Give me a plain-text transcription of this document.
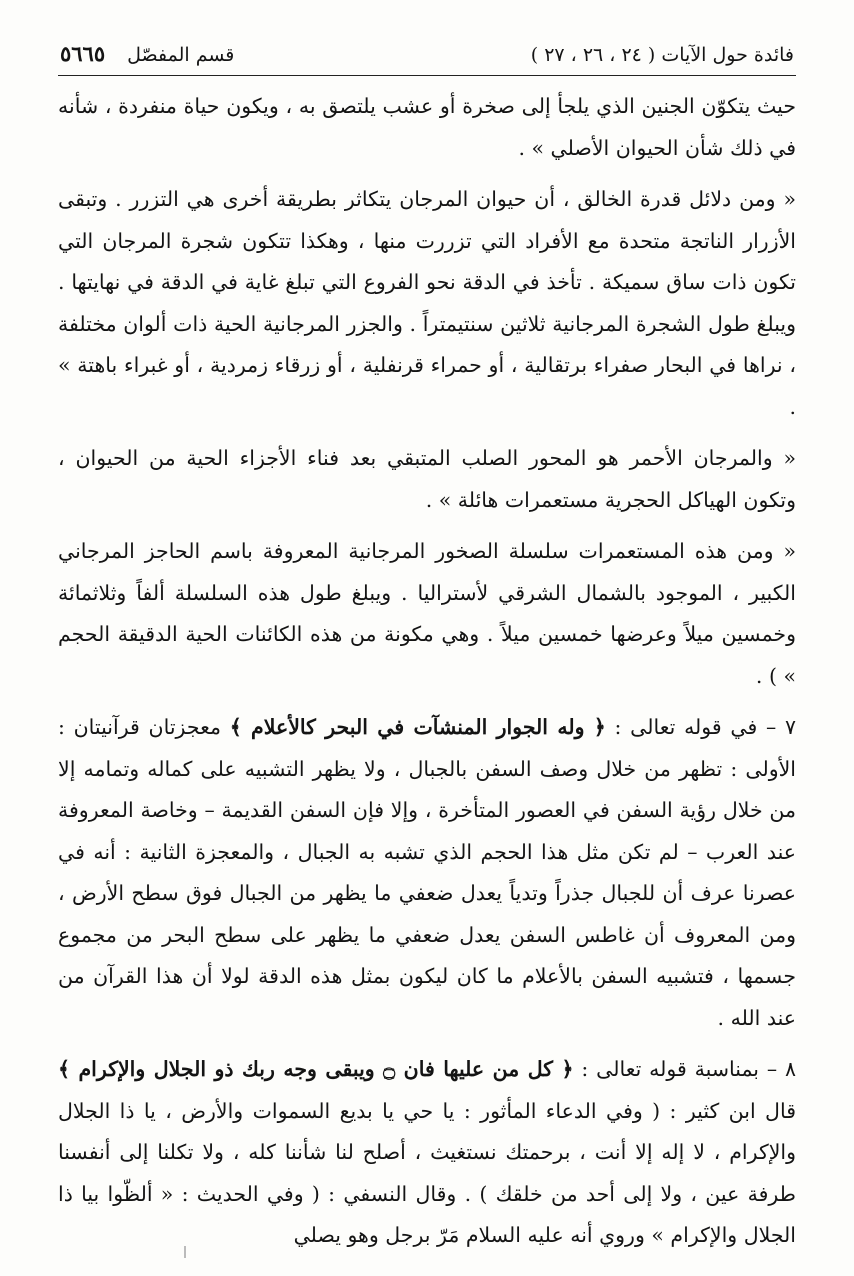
فائدة حول الآيات ( ٢٤ ، ٢٦ ، ٢٧ )
قسم المفصّل
٥٦٦٥

حيث يتكوّن الجنين الذي يلجأ إلى صخرة أو عشب يلتصق به ، ويكون حياة منفردة ، شأنه في ذلك شأن الحيوان الأصلي » .

« ومن دلائل قدرة الخالق ، أن حيوان المرجان يتكاثر بطريقة أخرى هي التزرر . وتبقى الأزرار الناتجة متحدة مع الأفراد التي تزررت منها ، وهكذا تتكون شجرة المرجان التي تكون ذات ساق سميكة . تأخذ في الدقة نحو الفروع التي تبلغ غاية في الدقة في نهايتها . ويبلغ طول الشجرة المرجانية ثلاثين سنتيمتراً . والجزر المرجانية الحية ذات ألوان مختلفة ، نراها في البحار صفراء برتقالية ، أو حمراء قرنفلية ، أو زرقاء زمردية ، أو غبراء باهتة » .

« والمرجان الأحمر هو المحور الصلب المتبقي بعد فناء الأجزاء الحية من الحيوان ، وتكون الهياكل الحجرية مستعمرات هائلة » .

« ومن هذه المستعمرات سلسلة الصخور المرجانية المعروفة باسم الحاجز المرجاني الكبير ، الموجود بالشمال الشرقي لأستراليا . ويبلغ طول هذه السلسلة ألفاً وثلاثمائة وخمسين ميلاً وعرضها خمسين ميلاً . وهي مكونة من هذه الكائنات الحية الدقيقة الحجم » ) .

٧ – في قوله تعالى : ﴿ وله الجوار المنشآت في البحر كالأعلام ﴾ معجزتان قرآنيتان : الأولى : تظهر من خلال وصف السفن بالجبال ، ولا يظهر التشبيه على كماله وتمامه إلا من خلال رؤية السفن في العصور المتأخرة ، وإلا فإن السفن القديمة – وخاصة المعروفة عند العرب – لم تكن مثل هذا الحجم الذي تشبه به الجبال ، والمعجزة الثانية : أنه في عصرنا عرف أن للجبال جذراً وتدياً يعدل ضعفي ما يظهر من الجبال فوق سطح الأرض ، ومن المعروف أن غاطس السفن يعدل ضعفي ما يظهر على سطح البحر من مجموع جسمها ، فتشبيه السفن بالأعلام ما كان ليكون بمثل هذه الدقة لولا أن هذا القرآن من عند الله .

٨ – بمناسبة قوله تعالى : ﴿ كل من عليها فان ۝ ويبقى وجه ربك ذو الجلال والإكرام ﴾ قال ابن كثير : ( وفي الدعاء المأثور : يا حي يا بديع السموات والأرض ، يا ذا الجلال والإكرام ، لا إله إلا أنت ، برحمتك نستغيث ، أصلح لنا شأننا كله ، ولا تكلنا إلى أنفسنا طرفة عين ، ولا إلى أحد من خلقك ) . وقال النسفي : ( وفي الحديث : « ألظّوا بيا ذا الجلال والإكرام » وروي أنه عليه السلام مَرّ برجل وهو يصلي
